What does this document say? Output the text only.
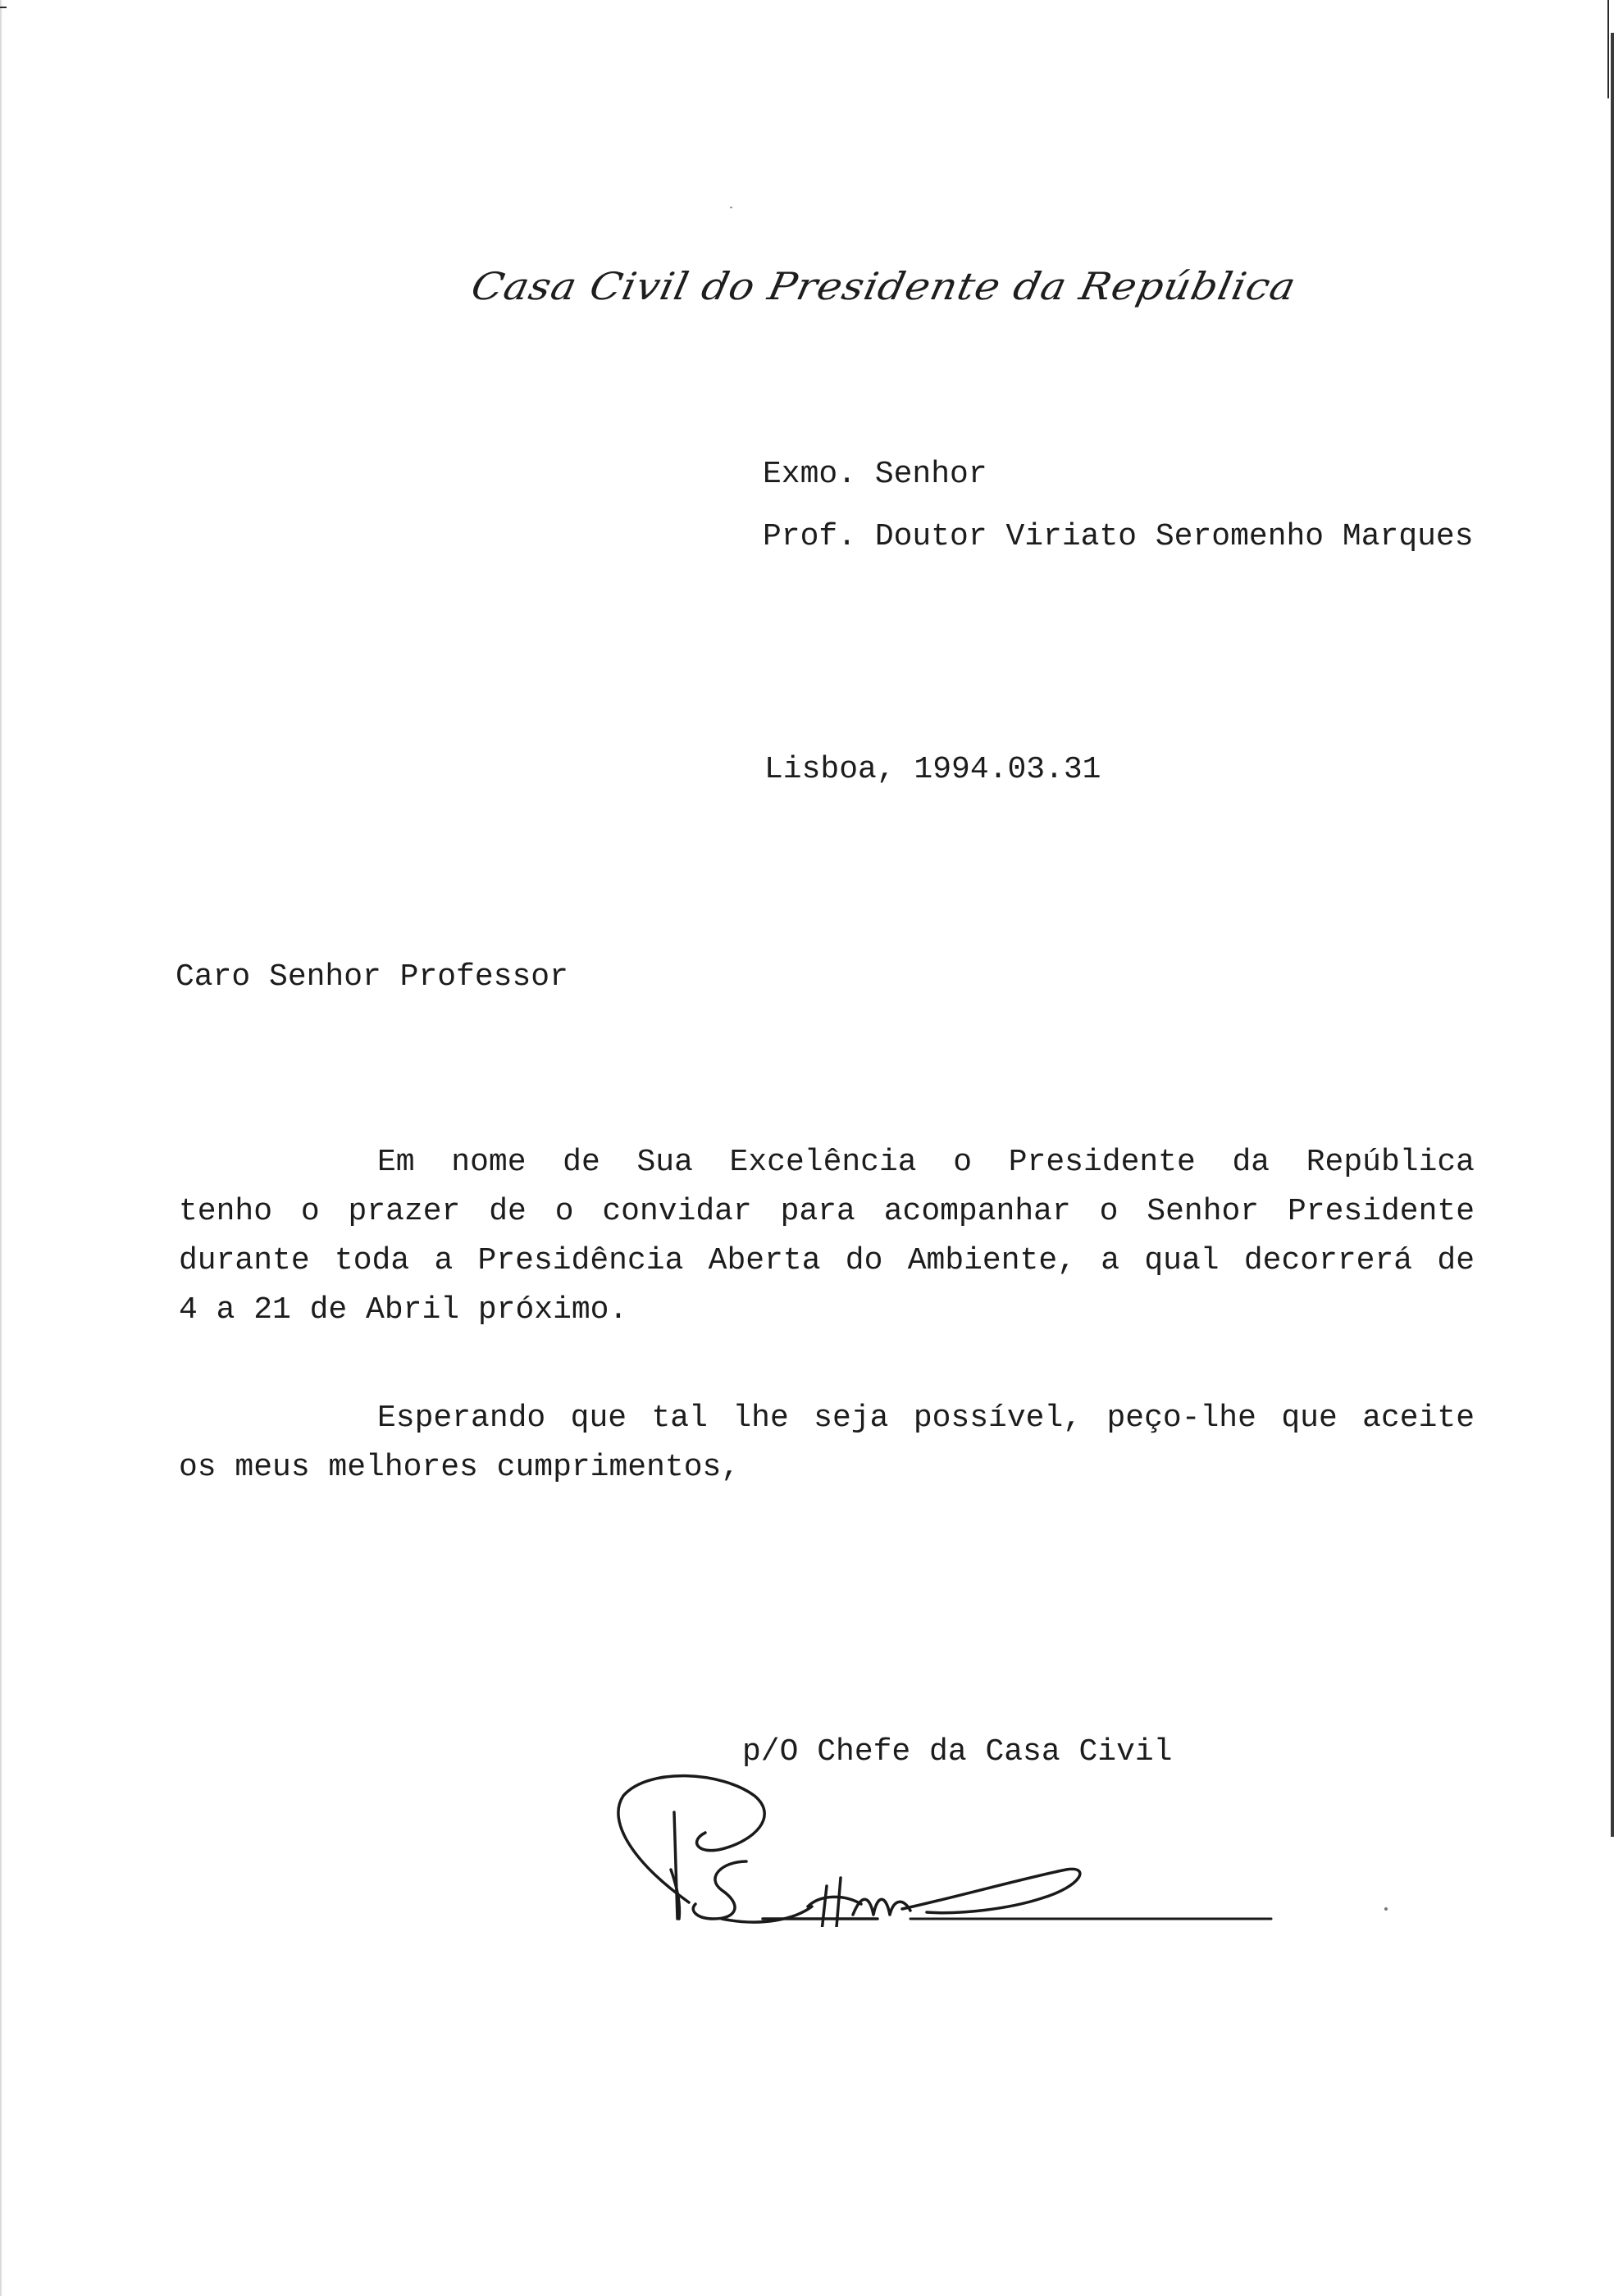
Casa Civil do Presidente da República
Exmo. Senhor
Prof. Doutor Viriato Seromenho Marques
Lisboa, 1994.03.31
Caro Senhor Professor
Em nome de Sua Excelência o Presidente da República
tenho o prazer de o convidar para acompanhar o Senhor Presidente
durante toda a Presidência Aberta do Ambiente, a qual decorrerá de
4 a 21 de Abril próximo.
Esperando que tal lhe seja possível, peço-lhe que aceite
os meus melhores cumprimentos,
p/O Chefe da Casa Civil
